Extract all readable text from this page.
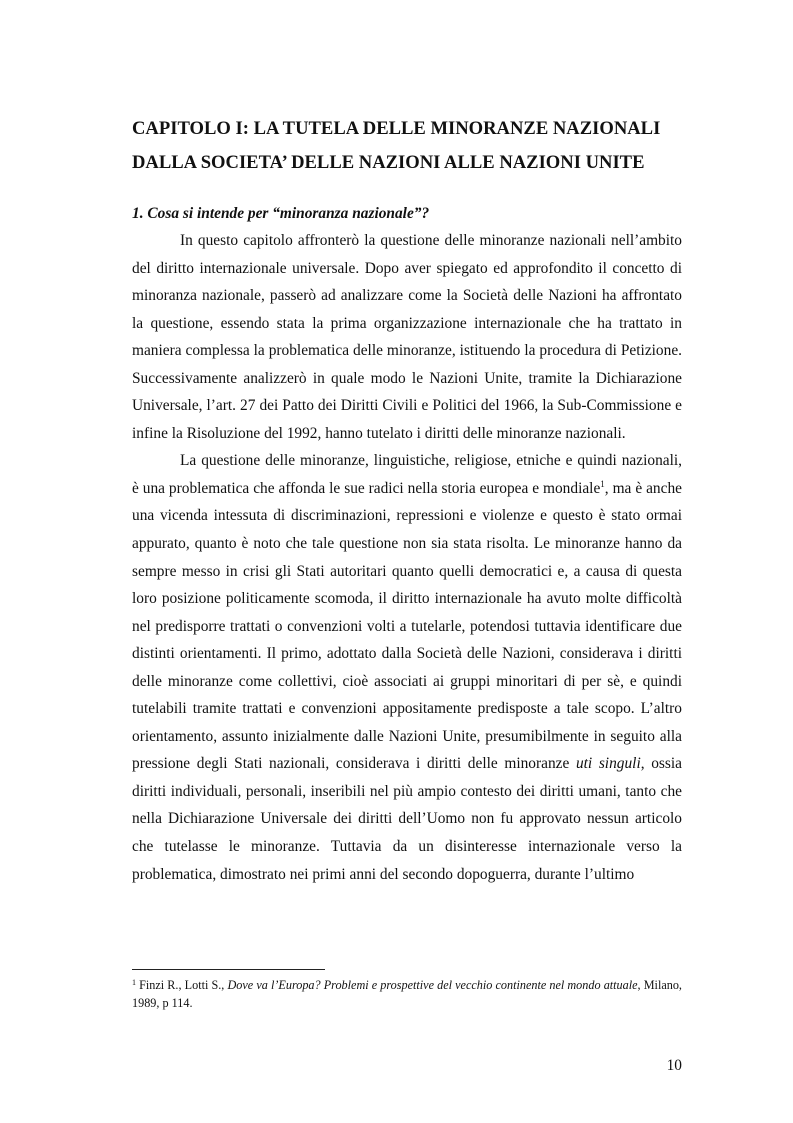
CAPITOLO I: LA TUTELA DELLE MINORANZE NAZIONALI
DALLA SOCIETA’ DELLE NAZIONI ALLE NAZIONI UNITE
1. Cosa si intende per “minoranza nazionale”?

In questo capitolo affronterò la questione delle minoranze nazionali nell’ambito del diritto internazionale universale. Dopo aver spiegato ed approfondito il concetto di minoranza nazionale, passerò ad analizzare come la Società delle Nazioni ha affrontato la questione, essendo stata la prima organizzazione internazionale che ha trattato in maniera complessa la problematica delle minoranze, istituendo la procedura di Petizione. Successivamente analizzerò in quale modo le Nazioni Unite, tramite la Dichiarazione Universale, l’art. 27 dei Patto dei Diritti Civili e Politici del 1966, la Sub-Commissione e infine la Risoluzione del 1992, hanno tutelato i diritti delle minoranze nazionali.

La questione delle minoranze, linguistiche, religiose, etniche e quindi nazionali, è una problematica che affonda le sue radici nella storia europea e mondiale$^1$, ma è anche una vicenda intessuta di discriminazioni, repressioni e violenze e questo è stato ormai appurato, quanto è noto che tale questione non sia stata risolta. Le minoranze hanno da sempre messo in crisi gli Stati autoritari quanto quelli democratici e, a causa di questa loro posizione politicamente scomoda, il diritto internazionale ha avuto molte difficoltà nel predisporre trattati o convenzioni volti a tutelarle, potendosi tuttavia identificare due distinti orientamenti. Il primo, adottato dalla Società delle Nazioni, considerava i diritti delle minoranze come collettivi, cioè associati ai gruppi minoritari di per sè, e quindi tutelabili tramite trattati e convenzioni appositamente predisposte a tale scopo. L’altro orientamento, assunto inizialmente dalle Nazioni Unite, presumibilmente in seguito alla pressione degli Stati nazionali, considerava i diritti delle minoranze uti singuli, ossia diritti individuali, personali, inseribili nel più ampio contesto dei diritti umani, tanto che nella Dichiarazione Universale dei diritti dell’Uomo non fu approvato nessun articolo che tutelasse le minoranze. Tuttavia da un disinteresse internazionale verso la problematica, dimostrato nei primi anni del secondo dopoguerra, durante l’ultimo

$^1$ Finzi R., Lotti S., Dove va l’Europa? Problemi e prospettive del vecchio continente nel mondo attuale, Milano, 1989, p 114.

10
